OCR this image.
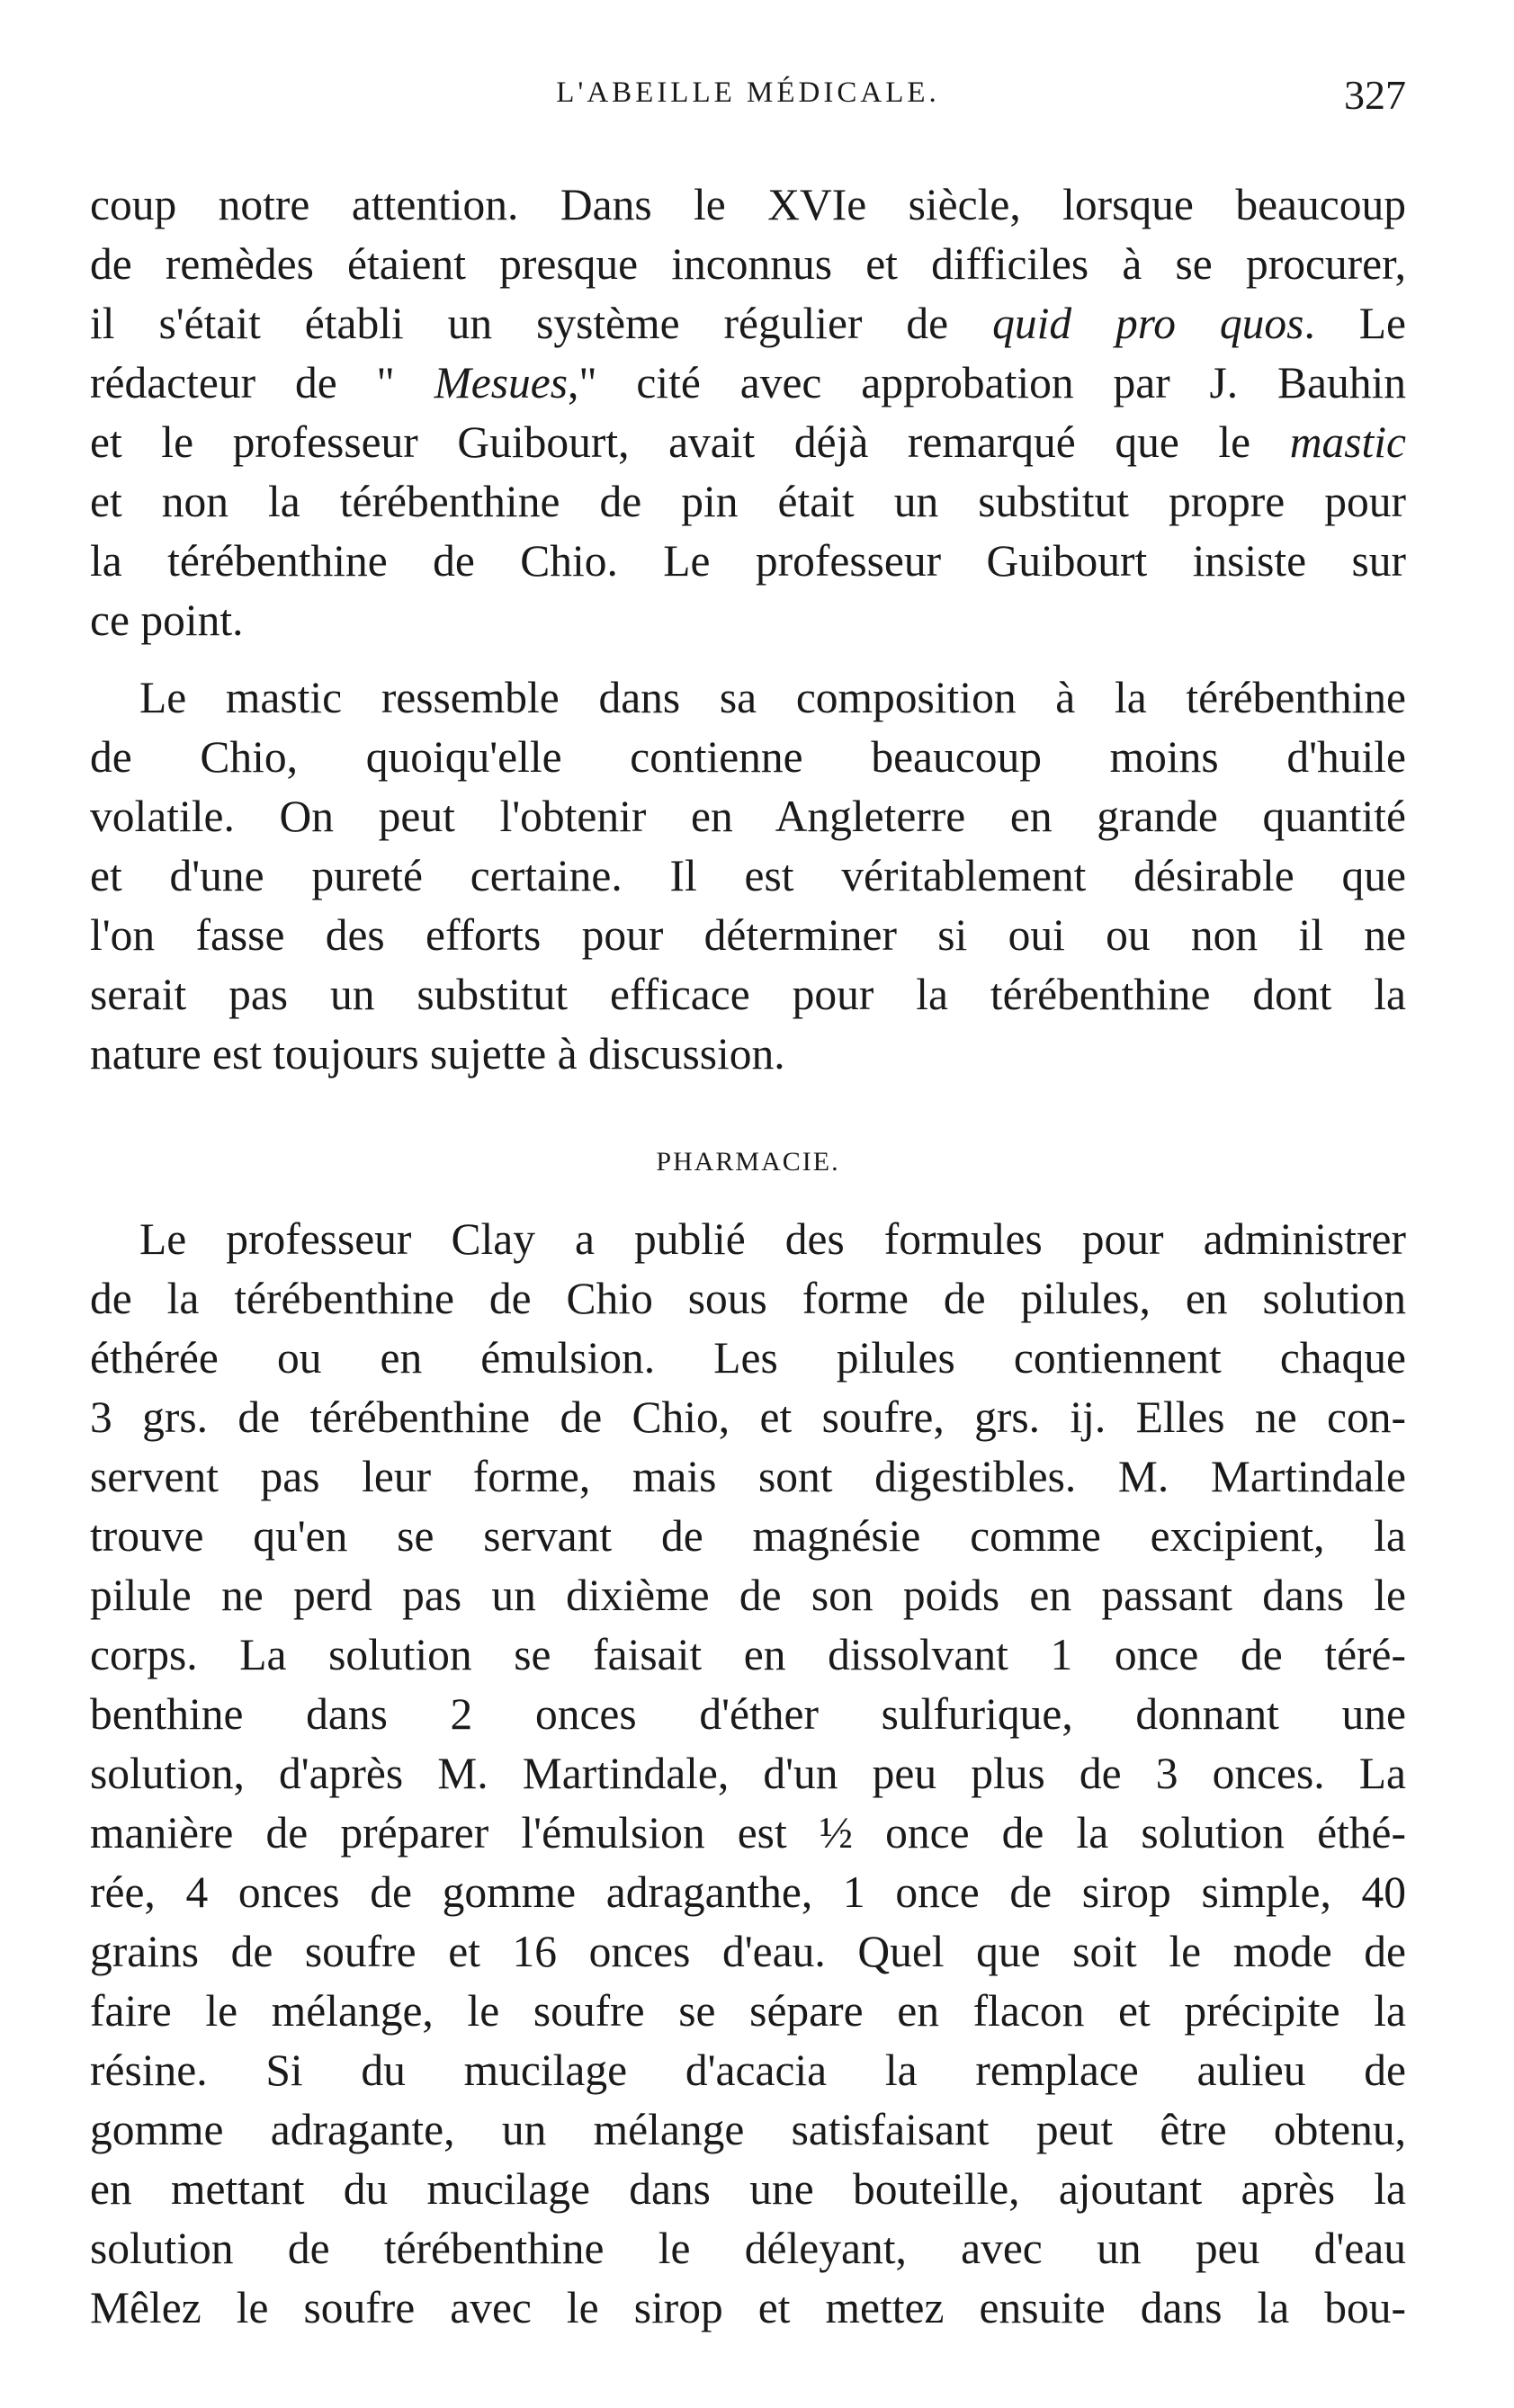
L'ABEILLE MÉDICALE.	327

coup notre attention. Dans le XVIe siècle, lorsque beaucoup
de remèdes étaient presque inconnus et difficiles à se procurer,
il s'était établi un système régulier de quid pro quos. Le
rédacteur de " Mesues," cité avec approbation par J. Bauhin
et le professeur Guibourt, avait déjà remarqué que le mastic
et non la térébenthine de pin était un substitut propre pour
la térébenthine de Chio. Le professeur Guibourt insiste sur
ce point.

Le mastic ressemble dans sa composition à la térébenthine
de Chio, quoiqu'elle contienne beaucoup moins d'huile
volatile. On peut l'obtenir en Angleterre en grande quantité
et d'une pureté certaine. Il est véritablement désirable que
l'on fasse des efforts pour déterminer si oui ou non il ne
serait pas un substitut efficace pour la térébenthine dont la
nature est toujours sujette à discussion.

PHARMACIE.

Le professeur Clay a publié des formules pour administrer
de la térébenthine de Chio sous forme de pilules, en solution
éthérée ou en émulsion. Les pilules contiennent chaque
3 grs. de térébenthine de Chio, et soufre, grs. ij. Elles ne con-
servent pas leur forme, mais sont digestibles. M. Martindale
trouve qu'en se servant de magnésie comme excipient, la
pilule ne perd pas un dixième de son poids en passant dans le
corps. La solution se faisait en dissolvant 1 once de téré-
benthine dans 2 onces d'éther sulfurique, donnant une
solution, d'après M. Martindale, d'un peu plus de 3 onces. La
manière de préparer l'émulsion est ½ once de la solution éthé-
rée, 4 onces de gomme adraganthe, 1 once de sirop simple, 40
grains de soufre et 16 onces d'eau. Quel que soit le mode de
faire le mélange, le soufre se sépare en flacon et précipite la
résine. Si du mucilage d'acacia la remplace aulieu de
gomme adragante, un mélange satisfaisant peut être obtenu,
en mettant du mucilage dans une bouteille, ajoutant après la
solution de térébenthine le déleyant, avec un peu d'eau
Mêlez le soufre avec le sirop et mettez ensuite dans la bou-
